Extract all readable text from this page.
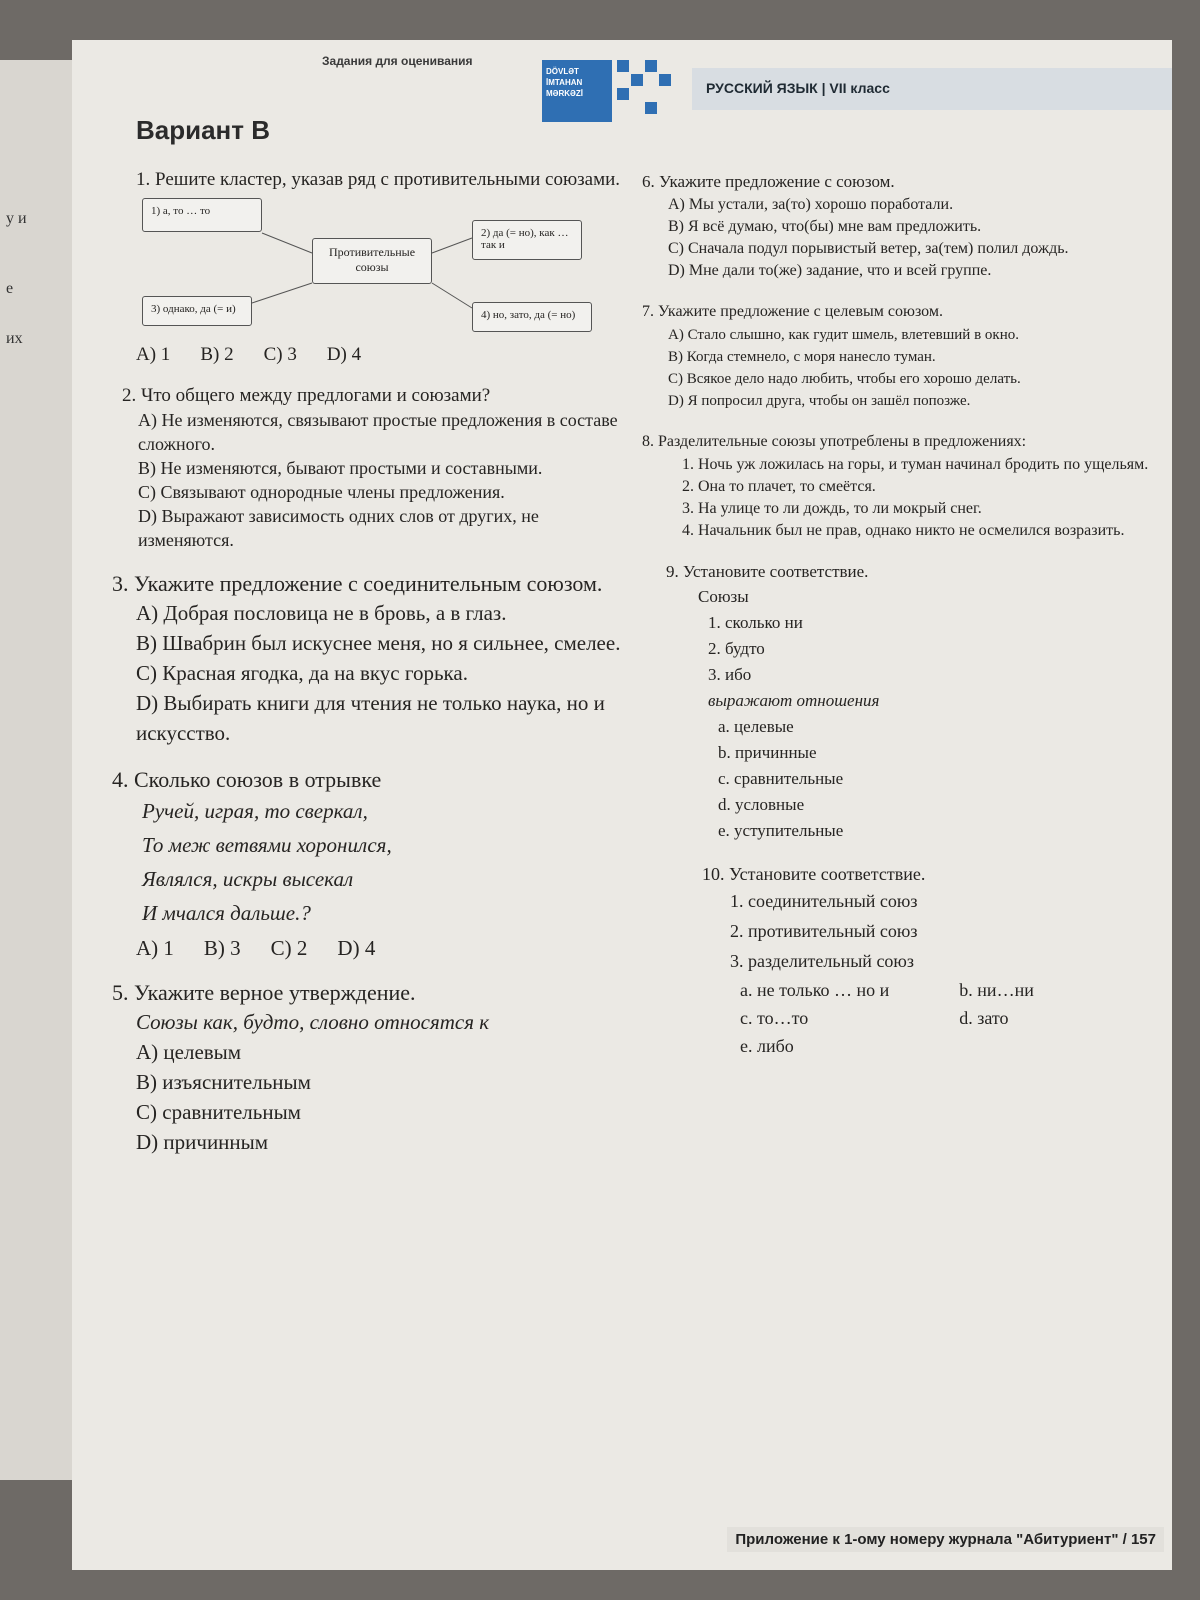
у и
е
их
Задания для оценивания
DÖVLƏT İMTAHAN MƏRKƏZİ	РУССКИЙ ЯЗЫК | VII класс
Вариант В
1. Решите кластер, указав ряд с противительными союзами.
1) а, то … то
Противительные союзы
2) да (= но), как … так и
3) однако, да (= и)	4) но, зато, да (= но)
A) 1 B) 2 C) 3 D) 4
2. Что общего между предлогами и союзами?
A) Не изменяются, связывают простые предложения в составе сложного.
B) Не изменяются, бывают простыми и составными.
C) Связывают однородные члены предложения.
D) Выражают зависимость одних слов от других, не изменяются.
3. Укажите предложение с соединительным союзом.
A) Добрая пословица не в бровь, а в глаз.
B) Швабрин был искуснее меня, но я сильнее, смелее.
C) Красная ягодка, да на вкус горька.
D) Выбирать книги для чтения не только наука, но и искусство.
4. Сколько союзов в отрывке
Ручей, играя, то сверкал,
То меж ветвями хоронился,
Являлся, искры высекал
И мчался дальше.?
A) 1 B) 3 C) 2 D) 4
5. Укажите верное утверждение.
Союзы как, будто, словно относятся к
A) целевым
B) изъяснительным
C) сравнительным
D) причинным
6. Укажите предложение с союзом.
A) Мы устали, за(то) хорошо поработали.
B) Я всё думаю, что(бы) мне вам предложить.
C) Сначала подул порывистый ветер, за(тем) полил дождь.
D) Мне дали то(же) задание, что и всей группе.
7. Укажите предложение с целевым союзом.
A) Стало слышно, как гудит шмель, влетевший в окно.
B) Когда стемнело, с моря нанесло туман.
C) Всякое дело надо любить, чтобы его хорошо делать.
D) Я попросил друга, чтобы он зашёл попозже.
8. Разделительные союзы употреблены в предложениях:
1. Ночь уж ложилась на горы, и туман начинал бродить по ущельям.
2. Она то плачет, то смеётся.
3. На улице то ли дождь, то ли мокрый снег.
4. Начальник был не прав, однако никто не осмелился возразить.
9. Установите соответствие.
Союзы
1. сколько ни
2. будто
3. ибо
выражают отношения
a. целевые
b. причинные
c. сравнительные
d. условные
e. уступительные
10. Установите соответствие.
1. соединительный союз
2. противительный союз
3. разделительный союз
a. не только … но и
c. то…то
e. либо
b. ни…ни
d. зато
Приложение к 1-ому номеру журнала "Абитуриент" / 157
